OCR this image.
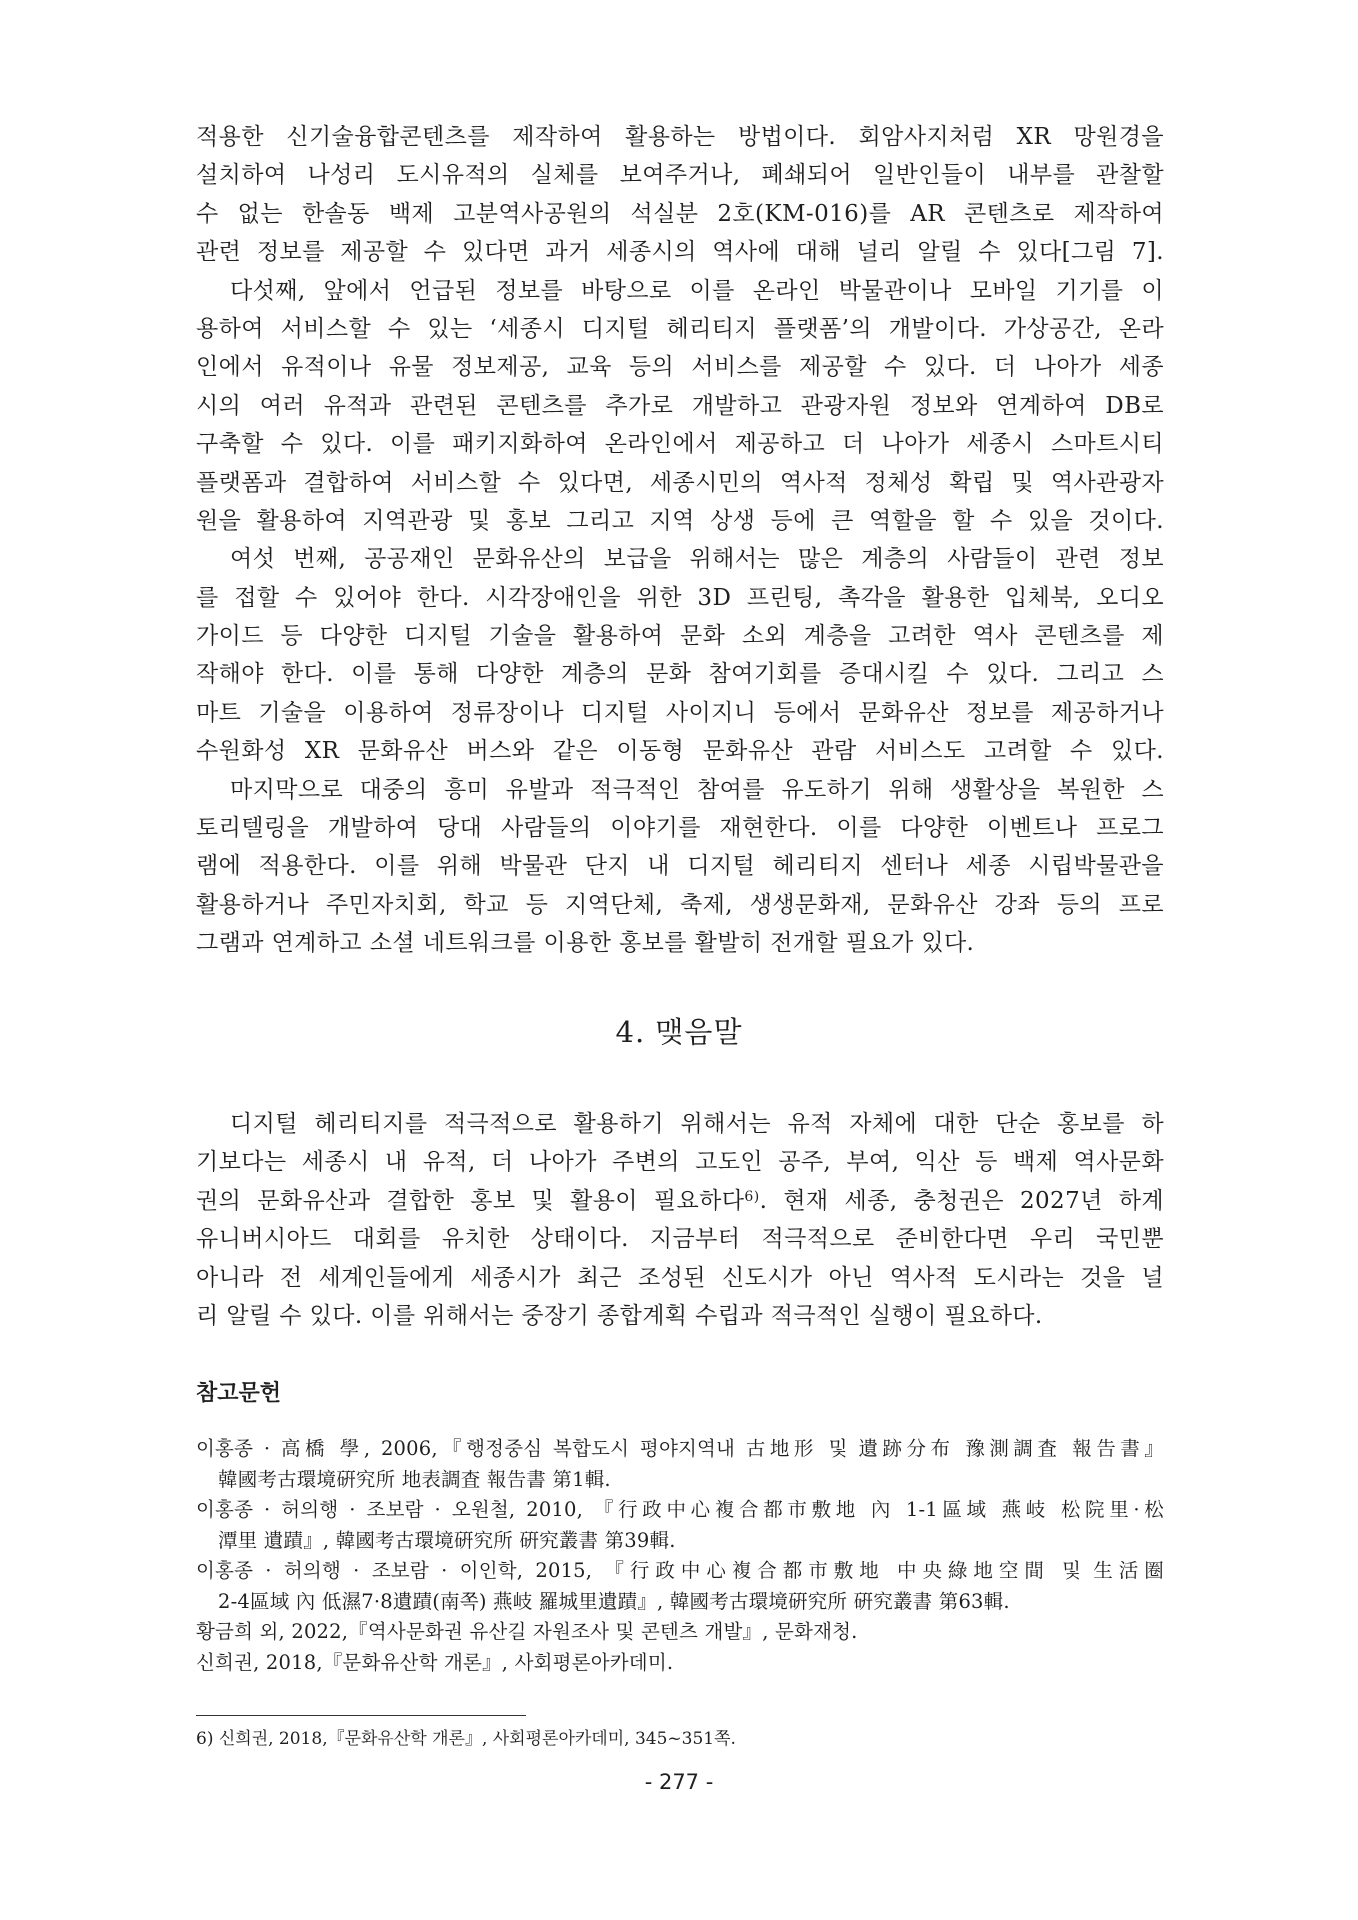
적용한 신기술융합콘텐츠를 제작하여 활용하는 방법이다. 회암사지처럼 XR 망원경을
설치하여 나성리 도시유적의 실체를 보여주거나, 폐쇄되어 일반인들이 내부를 관찰할
수 없는 한솔동 백제 고분역사공원의 석실분 2호(KM-016)를 AR 콘텐츠로 제작하여
관련 정보를 제공할 수 있다면 과거 세종시의 역사에 대해 널리 알릴 수 있다[그림 7].
다섯째, 앞에서 언급된 정보를 바탕으로 이를 온라인 박물관이나 모바일 기기를 이
용하여 서비스할 수 있는 ‘세종시 디지털 헤리티지 플랫폼’의 개발이다. 가상공간, 온라
인에서 유적이나 유물 정보제공, 교육 등의 서비스를 제공할 수 있다. 더 나아가 세종
시의 여러 유적과 관련된 콘텐츠를 추가로 개발하고 관광자원 정보와 연계하여 DB로
구축할 수 있다. 이를 패키지화하여 온라인에서 제공하고 더 나아가 세종시 스마트시티
플랫폼과 결합하여 서비스할 수 있다면, 세종시민의 역사적 정체성 확립 및 역사관광자
원을 활용하여 지역관광 및 홍보 그리고 지역 상생 등에 큰 역할을 할 수 있을 것이다.
여섯 번째, 공공재인 문화유산의 보급을 위해서는 많은 계층의 사람들이 관련 정보
를 접할 수 있어야 한다. 시각장애인을 위한 3D 프린팅, 촉각을 활용한 입체북, 오디오
가이드 등 다양한 디지털 기술을 활용하여 문화 소외 계층을 고려한 역사 콘텐츠를 제
작해야 한다. 이를 통해 다양한 계층의 문화 참여기회를 증대시킬 수 있다. 그리고 스
마트 기술을 이용하여 정류장이나 디지털 사이지니 등에서 문화유산 정보를 제공하거나
수원화성 XR 문화유산 버스와 같은 이동형 문화유산 관람 서비스도 고려할 수 있다.
마지막으로 대중의 흥미 유발과 적극적인 참여를 유도하기 위해 생활상을 복원한 스
토리텔링을 개발하여 당대 사람들의 이야기를 재현한다. 이를 다양한 이벤트나 프로그
램에 적용한다. 이를 위해 박물관 단지 내 디지털 헤리티지 센터나 세종 시립박물관을
활용하거나 주민자치회, 학교 등 지역단체, 축제, 생생문화재, 문화유산 강좌 등의 프로
그램과 연계하고 소셜 네트워크를 이용한 홍보를 활발히 전개할 필요가 있다.
4. 맺음말
디지털 헤리티지를 적극적으로 활용하기 위해서는 유적 자체에 대한 단순 홍보를 하
기보다는 세종시 내 유적, 더 나아가 주변의 고도인 공주, 부여, 익산 등 백제 역사문화
권의 문화유산과 결합한 홍보 및 활용이 필요하다$^{6)}$. 현재 세종, 충청권은 2027년 하계
유니버시아드 대회를 유치한 상태이다. 지금부터 적극적으로 준비한다면 우리 국민뿐
아니라 전 세계인들에게 세종시가 최근 조성된 신도시가 아닌 역사적 도시라는 것을 널
리 알릴 수 있다. 이를 위해서는 중장기 종합계획 수립과 적극적인 실행이 필요하다.
참고문헌
이홍종 · 高橋 學, 2006,『행정중심 복합도시 평야지역내 古地形 및 遺跡分布 豫測調査 報告書』
韓國考古環境硏究所 地表調査 報告書 第1輯.
이홍종 · 허의행 · 조보람 · 오원철, 2010, 『行政中心複合都市敷地 內 1-1區域 燕岐 松院里·松
潭里 遺蹟』, 韓國考古環境硏究所 硏究叢書 第39輯.
이홍종 · 허의행 · 조보람 · 이인학, 2015, 『行政中心複合都市敷地 中央綠地空間 및 生活圈
2-4區域 內 低濕7·8遺蹟(南쪽) 燕岐 羅城里遺蹟』, 韓國考古環境硏究所 硏究叢書 第63輯.
황금희 외, 2022,『역사문화권 유산길 자원조사 및 콘텐츠 개발』, 문화재청.
신희권, 2018,『문화유산학 개론』, 사회평론아카데미.
6) 신희권, 2018,『문화유산학 개론』, 사회평론아카데미, 345~351쪽.
- 277 -
